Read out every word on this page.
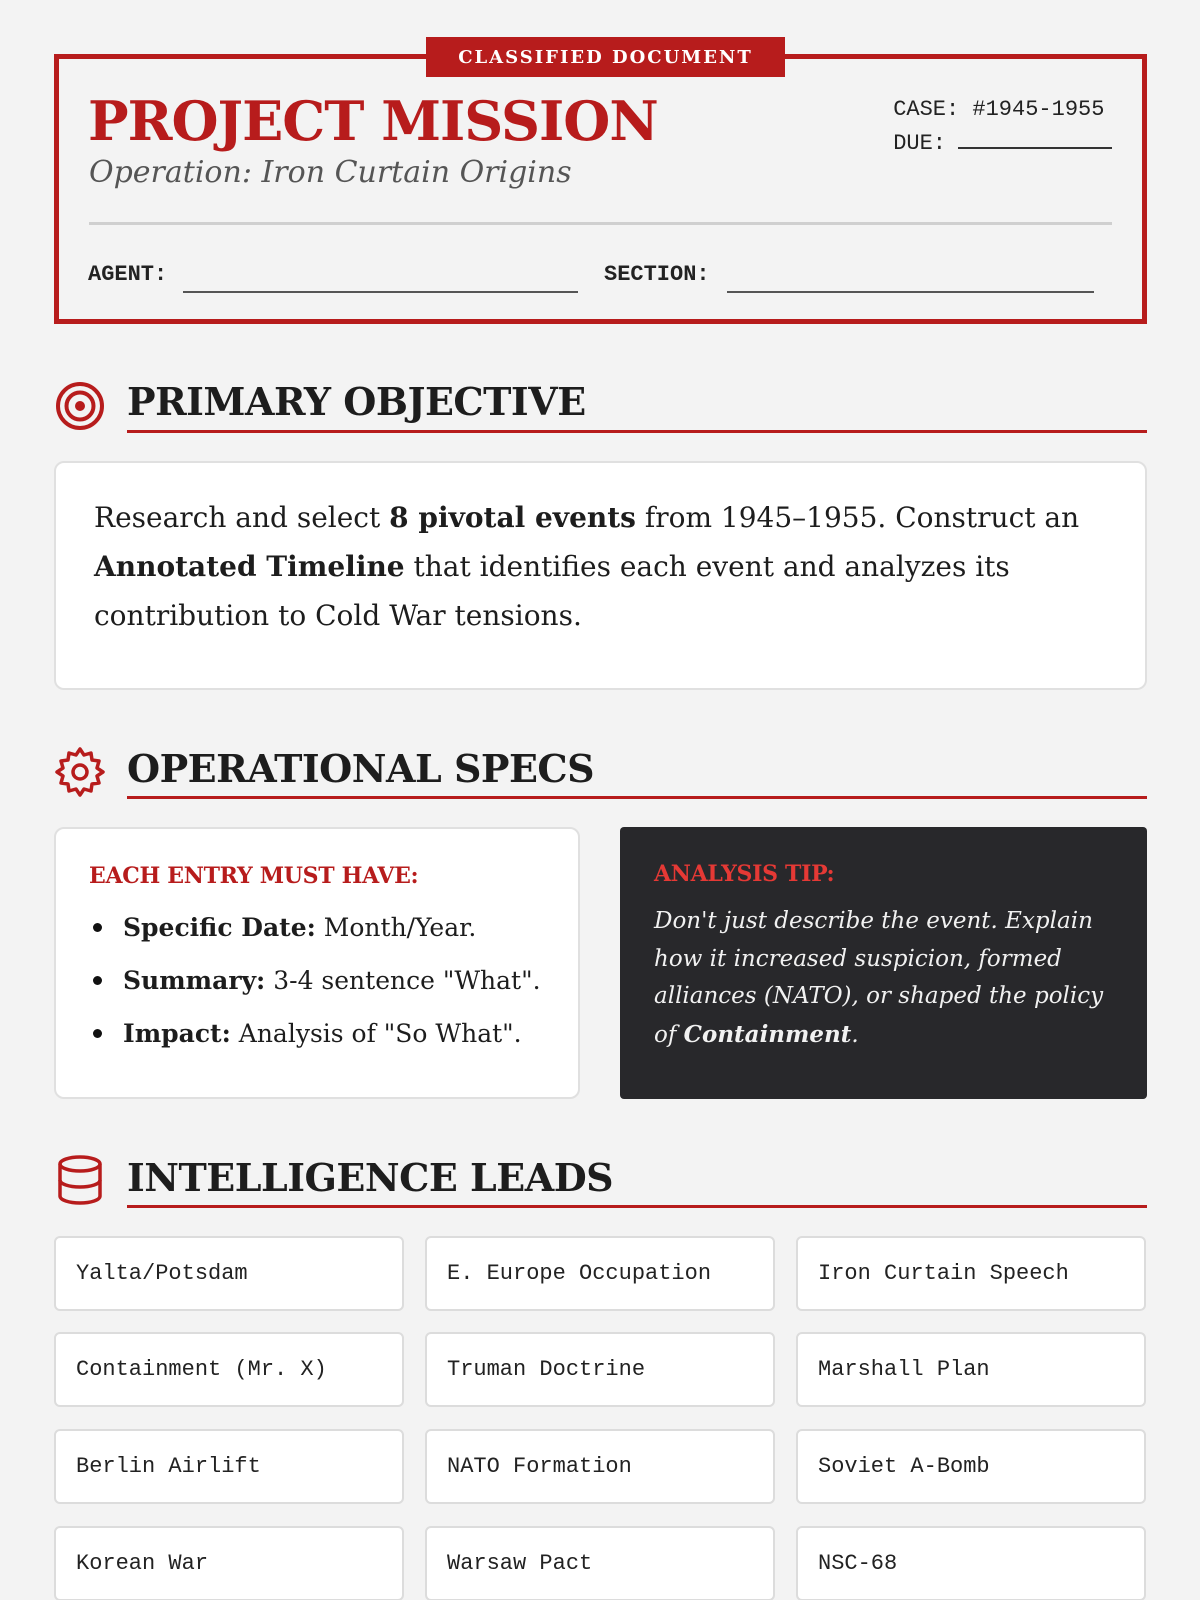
CLASSIFIED DOCUMENT
PROJECT MISSION
Operation: Iron Curtain Origins
CASE:
#1945-1955
DUE:
AGENT:	SECTION:
PRIMARY OBJECTIVE

Research and select 8 pivotal events from 1945–1955. Construct an Annotated Timeline that identifies each event and analyzes its contribution to Cold War tensions.

OPERATIONAL SPECS
EACH ENTRY MUST HAVE:
Specific Date: Month/Year.
Summary: 3-4 sentence "What".
Impact: Analysis of "So What".
ANALYSIS TIP:

Don't just describe the event. Explain how it increased suspicion, formed alliances (NATO), or shaped the policy of Containment.

INTELLIGENCE LEADS
Yalta/Potsdam	E. Europe Occupation	Iron Curtain Speech
Containment (Mr. X)	Truman Doctrine	Marshall Plan
Berlin Airlift	NATO Formation	Soviet A-Bomb
Korean War	Warsaw Pact	NSC-68
